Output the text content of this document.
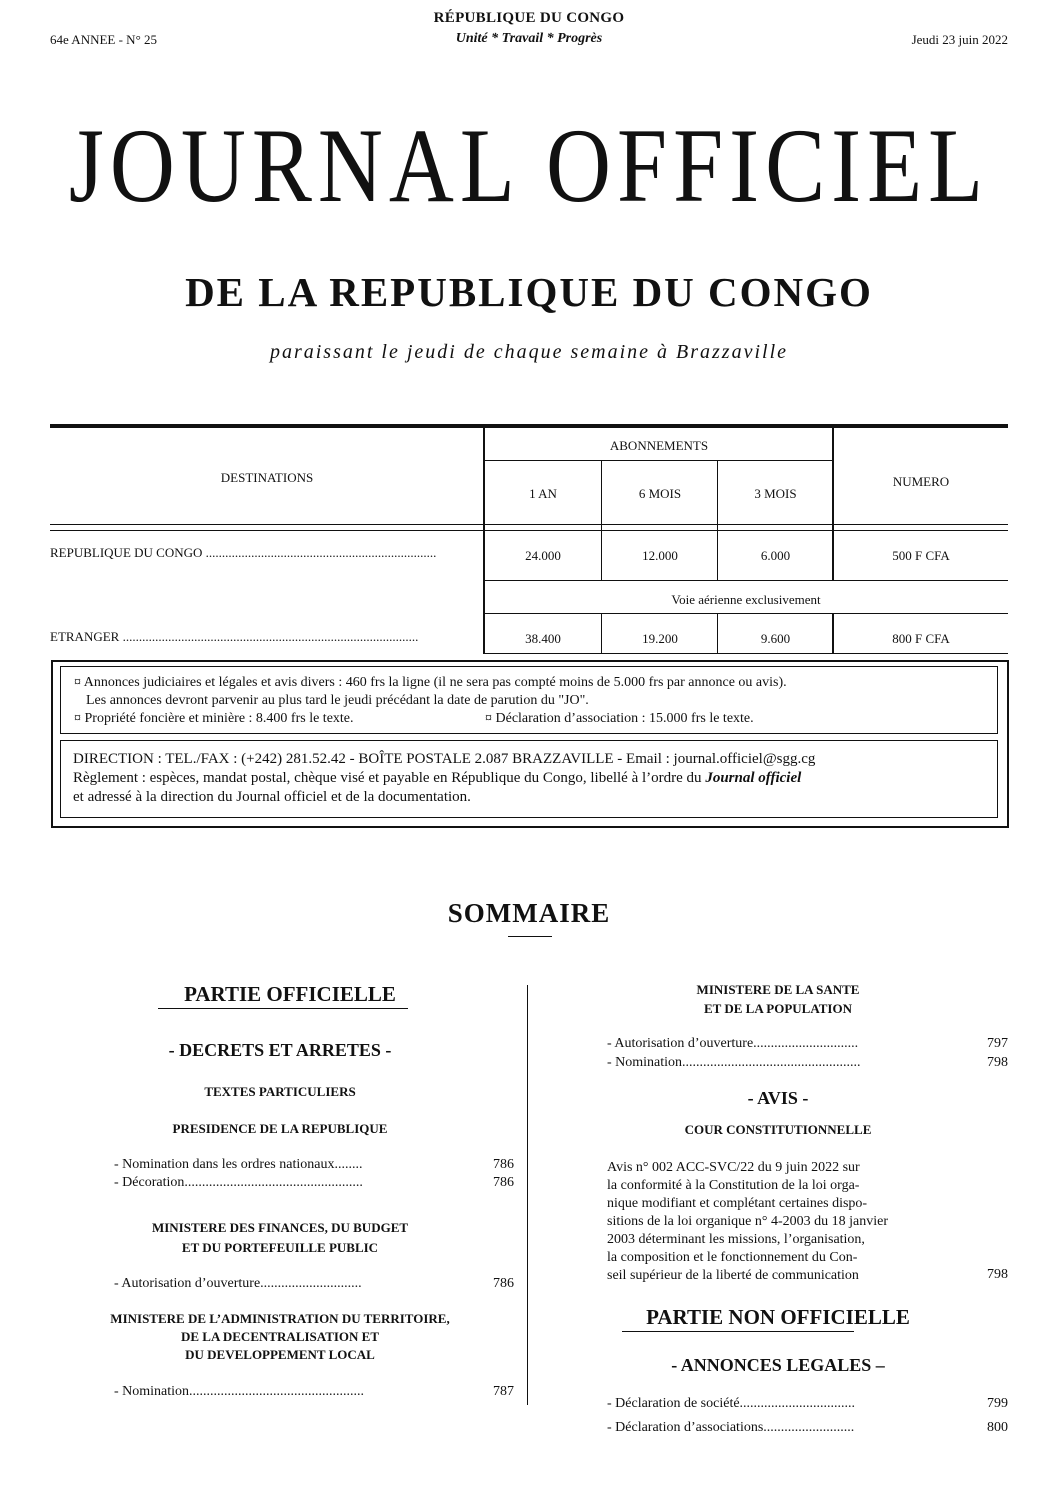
RÉPUBLIQUE DU CONGO
Unité * Travail * Progrès
64e ANNEE - N° 25	Jeudi 23 juin 2022
JOURNAL OFFICIEL
DE LA REPUBLIQUE DU CONGO
paraissant le jeudi de chaque semaine à Brazzaville
DESTINATIONS
ABONNEMENTS
1 AN	6 MOIS	3 MOIS
NUMERO
REPUBLIQUE DU CONGO .......................................................................	24.000	12.000	6.000	500 F CFA
Voie aérienne exclusivement
ETRANGER ...........................................................................................	38.400	19.200	9.600	800 F CFA
¤ Annonces judiciaires et légales et avis divers : 460 frs la ligne (il ne sera pas compté moins de 5.000 frs par annonce ou avis).
Les annonces devront parvenir au plus tard le jeudi précédant la date de parution du "JO".
¤ Propriété foncière et minière : 8.400 frs le texte.	¤ Déclaration d’association : 15.000 frs le texte.
DIRECTION : TEL./FAX : (+242) 281.52.42 - BOÎTE POSTALE 2.087 BRAZZAVILLE - Email : journal.officiel@sgg.cg
Règlement : espèces, mandat postal, chèque visé et payable en République du Congo, libellé à l’ordre du Journal officiel
et adressé à la direction du Journal officiel et de la documentation.
SOMMAIRE
PARTIE OFFICIELLE
- DECRETS ET ARRETES -
TEXTES PARTICULIERS
PRESIDENCE DE LA REPUBLIQUE
- Nomination dans les ordres nationaux........	786
- Décoration...................................................	786
MINISTERE DES FINANCES, DU BUDGET
ET DU PORTEFEUILLE PUBLIC
- Autorisation d’ouverture.............................	786
MINISTERE DE L’ADMINISTRATION DU TERRITOIRE,
DE LA DECENTRALISATION ET
DU DEVELOPPEMENT LOCAL
- Nomination..................................................	787
MINISTERE DE LA SANTE
ET DE LA POPULATION
- Autorisation d’ouverture..............................	797
- Nomination...................................................	798
- AVIS -
COUR CONSTITUTIONNELLE
Avis n° 002 ACC-SVC/22 du 9 juin 2022 sur
la conformité à la Constitution de la loi orga-
nique modifiant et complétant certaines dispo-
sitions de la loi organique n° 4-2003 du 18 janvier
2003 déterminant les missions, l’organisation,
la composition et le fonctionnement du Con-
seil supérieur de la liberté de communication	798
PARTIE NON OFFICIELLE
- ANNONCES LEGALES –
- Déclaration de société.................................	799
- Déclaration d’associations..........................	800
